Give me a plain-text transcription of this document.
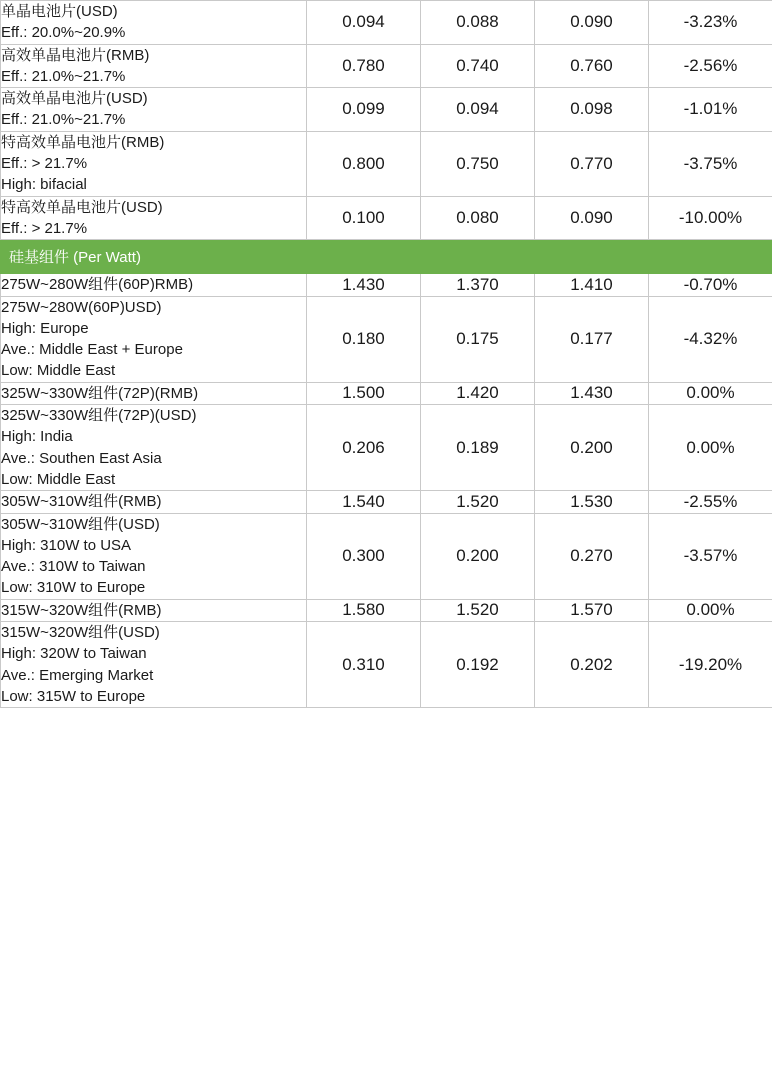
单晶电池片(USD)
Eff.: 20.0%~20.9%	0.094	0.088	0.090	-3.23%

高效单晶电池片(RMB)
Eff.: 21.0%~21.7%	0.780	0.740	0.760	-2.56%

高效单晶电池片(USD)
Eff.: 21.0%~21.7%	0.099	0.094	0.098	-1.01%

特高效单晶电池片(RMB)
Eff.: > 21.7%
High: bifacial	0.800	0.750	0.770	-3.75%

特高效单晶电池片(USD)
Eff.: > 21.7%	0.100	0.080	0.090	-10.00%
硅基组件 (Per Watt)				

275W~280W组件(60P)RMB)	1.430	1.370	1.410	-0.70%

275W~280W(60P)USD)
High: Europe
Ave.: Middle East + Europe
Low: Middle East	0.180	0.175	0.177	-4.32%

325W~330W组件(72P)(RMB)	1.500	1.420	1.430	0.00%

325W~330W组件(72P)(USD)
High: India
Ave.: Southen East Asia
Low: Middle East	0.206	0.189	0.200	0.00%

305W~310W组件(RMB)	1.540	1.520	1.530	-2.55%

305W~310W组件(USD)
High: 310W to USA
Ave.: 310W to Taiwan
Low: 310W to Europe	0.300	0.200	0.270	-3.57%

315W~320W组件(RMB)	1.580	1.520	1.570	0.00%

315W~320W组件(USD)
High: 320W to Taiwan
Ave.: Emerging Market
Low: 315W to Europe	0.310	0.192	0.202	-19.20%
